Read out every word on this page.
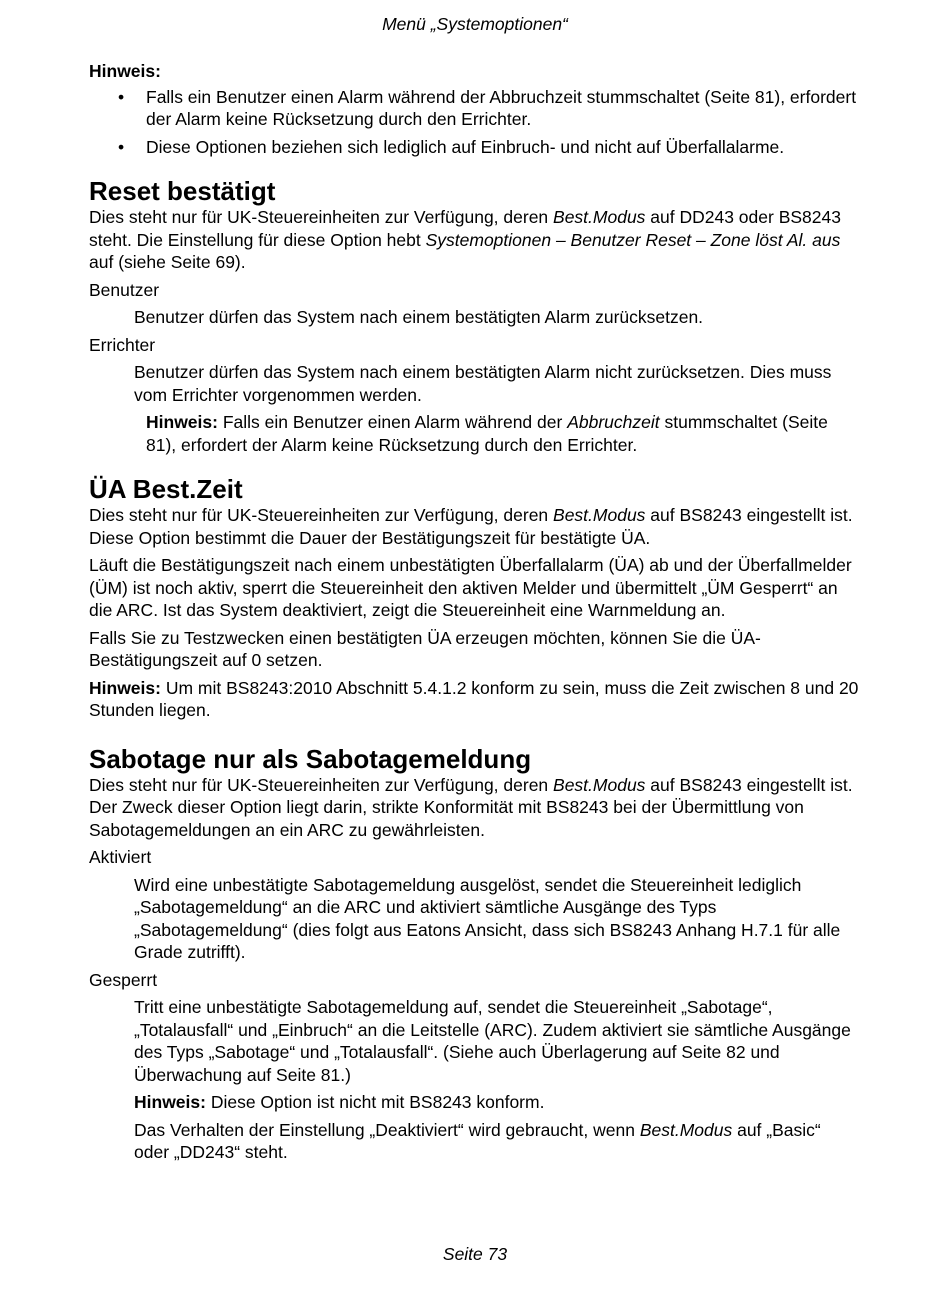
Menü „Systemoptionen“

Hinweis:

• Falls ein Benutzer einen Alarm während der Abbruchzeit stummschaltet (Seite 81), erfordert der Alarm keine Rücksetzung durch den Errichter.
• Diese Optionen beziehen sich lediglich auf Einbruch- und nicht auf Überfallalarme.
Reset bestätigt

Dies steht nur für UK-Steuereinheiten zur Verfügung, deren Best.Modus auf DD243 oder BS8243 steht. Die Einstellung für diese Option hebt Systemoptionen – Benutzer Reset – Zone löst Al. aus auf (siehe Seite 69).

Benutzer

Benutzer dürfen das System nach einem bestätigten Alarm zurücksetzen.

Errichter

Benutzer dürfen das System nach einem bestätigten Alarm nicht zurücksetzen. Dies muss vom Errichter vorgenommen werden.

Hinweis: Falls ein Benutzer einen Alarm während der Abbruchzeit stummschaltet (Seite 81), erfordert der Alarm keine Rücksetzung durch den Errichter.

ÜA Best.Zeit

Dies steht nur für UK-Steuereinheiten zur Verfügung, deren Best.Modus auf BS8243 eingestellt ist. Diese Option bestimmt die Dauer der Bestätigungszeit für bestätigte ÜA.

Läuft die Bestätigungszeit nach einem unbestätigten Überfallalarm (ÜA) ab und der Überfallmelder (ÜM) ist noch aktiv, sperrt die Steuereinheit den aktiven Melder und übermittelt „ÜM Gesperrt“ an die ARC. Ist das System deaktiviert, zeigt die Steuereinheit eine Warnmeldung an.

Falls Sie zu Testzwecken einen bestätigten ÜA erzeugen möchten, können Sie die ÜA-Bestätigungszeit auf 0 setzen.

Hinweis: Um mit BS8243:2010 Abschnitt 5.4.1.2 konform zu sein, muss die Zeit zwischen 8 und 20 Stunden liegen.

Sabotage nur als Sabotagemeldung

Dies steht nur für UK-Steuereinheiten zur Verfügung, deren Best.Modus auf BS8243 eingestellt ist. Der Zweck dieser Option liegt darin, strikte Konformität mit BS8243 bei der Übermittlung von Sabotagemeldungen an ein ARC zu gewährleisten.

Aktiviert

Wird eine unbestätigte Sabotagemeldung ausgelöst, sendet die Steuereinheit lediglich „Sabotagemeldung“ an die ARC und aktiviert sämtliche Ausgänge des Typs „Sabotagemeldung“ (dies folgt aus Eatons Ansicht, dass sich BS8243 Anhang H.7.1 für alle Grade zutrifft).

Gesperrt

Tritt eine unbestätigte Sabotagemeldung auf, sendet die Steuereinheit „Sabotage“, „Totalausfall“ und „Einbruch“ an die Leitstelle (ARC). Zudem aktiviert sie sämtliche Ausgänge des Typs „Sabotage“ und „Totalausfall“. (Siehe auch Überlagerung auf Seite 82 und Überwachung auf Seite 81.)

Hinweis: Diese Option ist nicht mit BS8243 konform.

Das Verhalten der Einstellung „Deaktiviert“ wird gebraucht, wenn Best.Modus auf „Basic“ oder „DD243“ steht.

Seite 73
